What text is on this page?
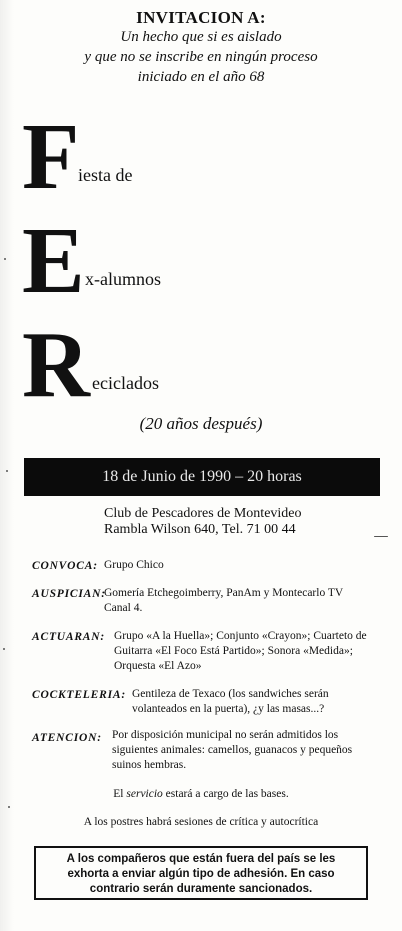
INVITACION A:
Un hecho que si es aislado
y que no se inscribe en ningún proceso
iniciado en el año 68
F
iesta de
E x-alumnos
R eciclados
(20 años después)
18 de Junio de 1990 – 20 horas
Club de Pescadores de Montevideo
Rambla Wilson 640, Tel. 71 00 44
CONVOCA: Grupo Chico
AUSPICIAN:
Gomería Etchegoimberry, PanAm y Montecarlo TV
Canal 4.
ACTUARAN: Grupo «A la Huella»; Conjunto «Crayon»; Cuarteto de
Guitarra «El Foco Está Partido»; Sonora «Medida»;
Orquesta «El Azo»
COCKTELERIA: Gentileza de Texaco (los sandwiches serán
volanteados en la puerta), ¿y las masas...?
ATENCION: Por disposición municipal no serán admitidos los
siguientes animales: camellos, guanacos y pequeños
suinos hembras.
El servicio estará a cargo de las bases.
A los postres habrá sesiones de crítica y autocrítica
A los compañeros que están fuera del país se les
exhorta a enviar algún tipo de adhesión. En caso
contrario serán duramente sancionados.
